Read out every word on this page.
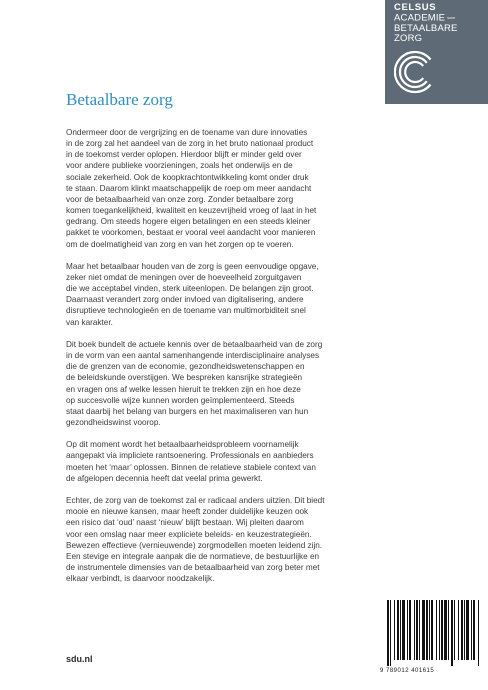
CELSUS
ACADEMIE voor
BETAALBARE
ZORG
Betaalbare zorg

Ondermeer door de vergrijzing en de toename van dure innovaties
in de zorg zal het aandeel van de zorg in het bruto nationaal product
in de toekomst verder oplopen. Hierdoor blijft er minder geld over
voor andere publieke voorzieningen, zoals het onderwijs en de
sociale zekerheid. Ook de koopkrachtontwikkeling komt onder druk
te staan. Daarom klinkt maatschappelijk de roep om meer aandacht
voor de betaalbaarheid van onze zorg. Zonder betaalbare zorg
komen toegankelijkheid, kwaliteit en keuzevrijheid vroeg of laat in het
gedrang. Om steeds hogere eigen betalingen en een steeds kleiner
pakket te voorkomen, bestaat er vooral veel aandacht voor manieren
om de doelmatigheid van zorg en van het zorgen op te voeren.

Maar het betaalbaar houden van de zorg is geen eenvoudige opgave,
zeker niet omdat de meningen over de hoeveelheid zorguitgaven
die we acceptabel vinden, sterk uiteenlopen. De belangen zijn groot.
Daarnaast verandert zorg onder invloed van digitalisering, andere
disruptieve technologieën en de toename van multimorbiditeit snel
van karakter.

Dit boek bundelt de actuele kennis over de betaalbaarheid van de zorg
in de vorm van een aantal samenhangende interdisciplinaire analyses
die de grenzen van de economie, gezondheidswetenschappen en
de beleidskunde overstijgen. We bespreken kansrijke strategieën
en vragen ons af welke lessen hieruit te trekken zijn en hoe deze
op succesvolle wijze kunnen worden geïmplementeerd. Steeds
staat daarbij het belang van burgers en het maximaliseren van hun
gezondheidswinst voorop.

Op dit moment wordt het betaalbaarheidsprobleem voornamelijk
aangepakt via impliciete rantsoenering. Professionals en aanbieders
moeten het ‘maar’ oplossen. Binnen de relatieve stabiele context van
de afgelopen decennia heeft dat veelal prima gewerkt.

Echter, de zorg van de toekomst zal er radicaal anders uitzien. Dit biedt
mooie en nieuwe kansen, maar heeft zonder duidelijke keuzen ook
een risico dat ‘oud’ naast ‘nieuw’ blijft bestaan. Wij pleiten daarom
voor een omslag naar meer expliciete beleids- en keuzestrategieën.
Bewezen effectieve (vernieuwende) zorgmodellen moeten leidend zijn.
Een stevige en integrale aanpak die de normatieve, de bestuurlijke en
de instrumentele dimensies van de betaalbaarheid van zorg beter met
elkaar verbindt, is daarvoor noodzakelijk.

sdu.nl
9 789012 401615
